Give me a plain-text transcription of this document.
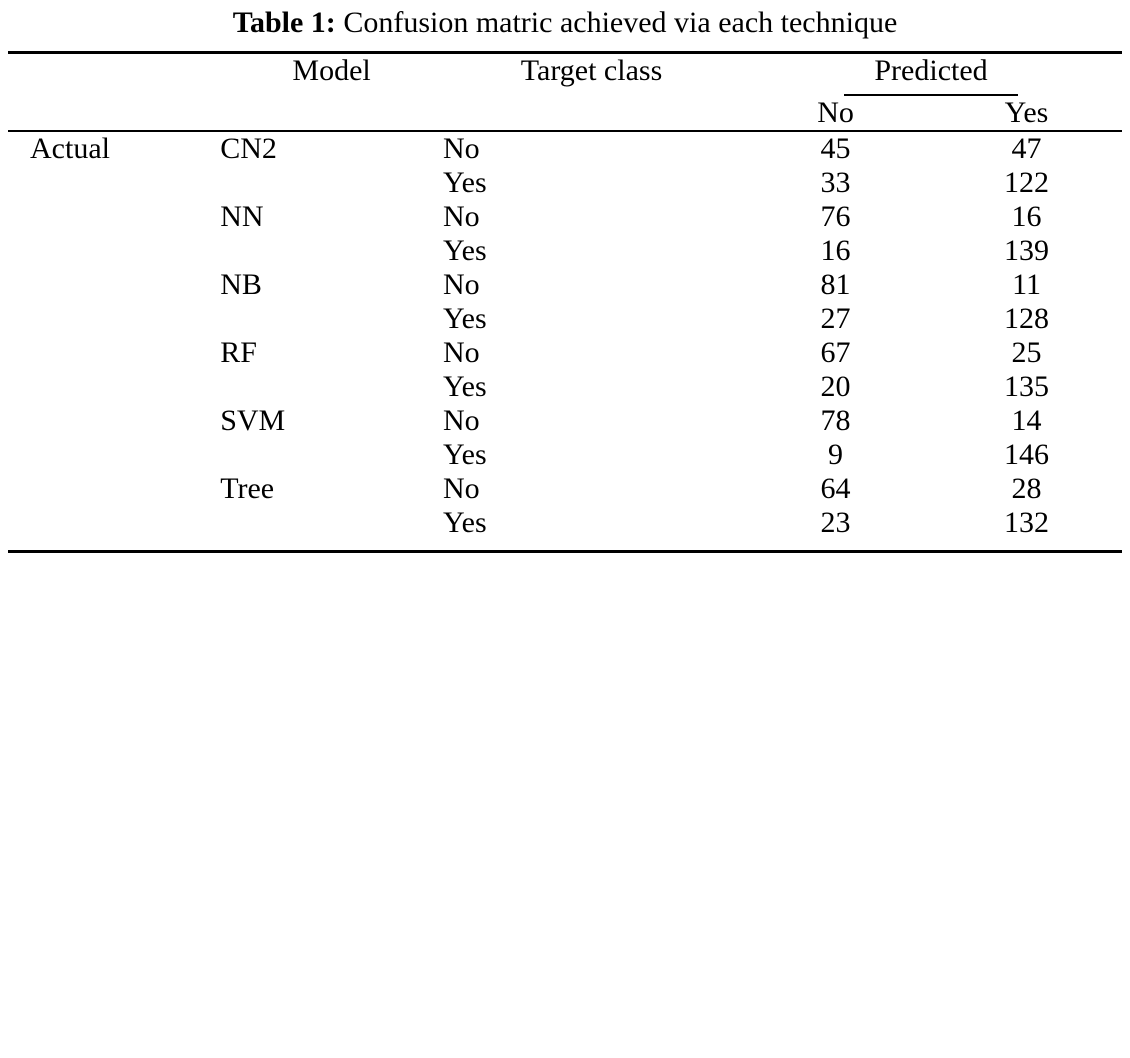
Table 1: Confusion matric achieved via each technique

	Model	Target class	Predicted	
			No	Yes

Actual	CN2	No	45	47
		Yes	33	122
	NN	No	76	16
		Yes	16	139
	NB	No	81	11
		Yes	27	128
	RF	No	67	25
		Yes	20	135
	SVM	No	78	14
		Yes	9	146
	Tree	No	64	28
		Yes	23	132
